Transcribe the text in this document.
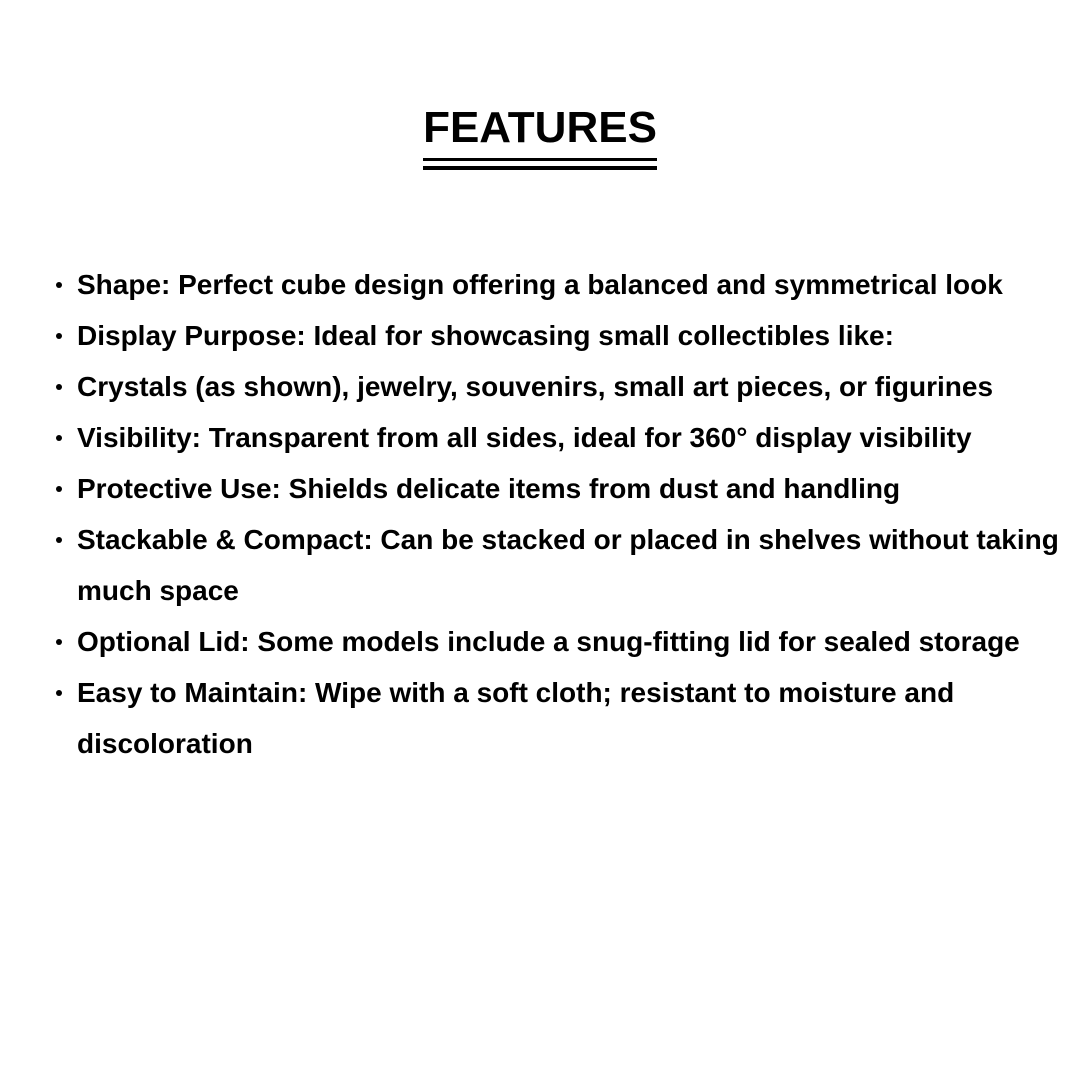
FEATURES
Shape: Perfect cube design offering a balanced and symmetrical look
Display Purpose: Ideal for showcasing small collectibles like:
Crystals (as shown), jewelry, souvenirs, small art pieces, or figurines
Visibility: Transparent from all sides, ideal for 360° display visibility
Protective Use: Shields delicate items from dust and handling
Stackable & Compact: Can be stacked or placed in shelves without taking much space
Optional Lid: Some models include a snug-fitting lid for sealed storage
Easy to Maintain: Wipe with a soft cloth; resistant to moisture and discoloration
